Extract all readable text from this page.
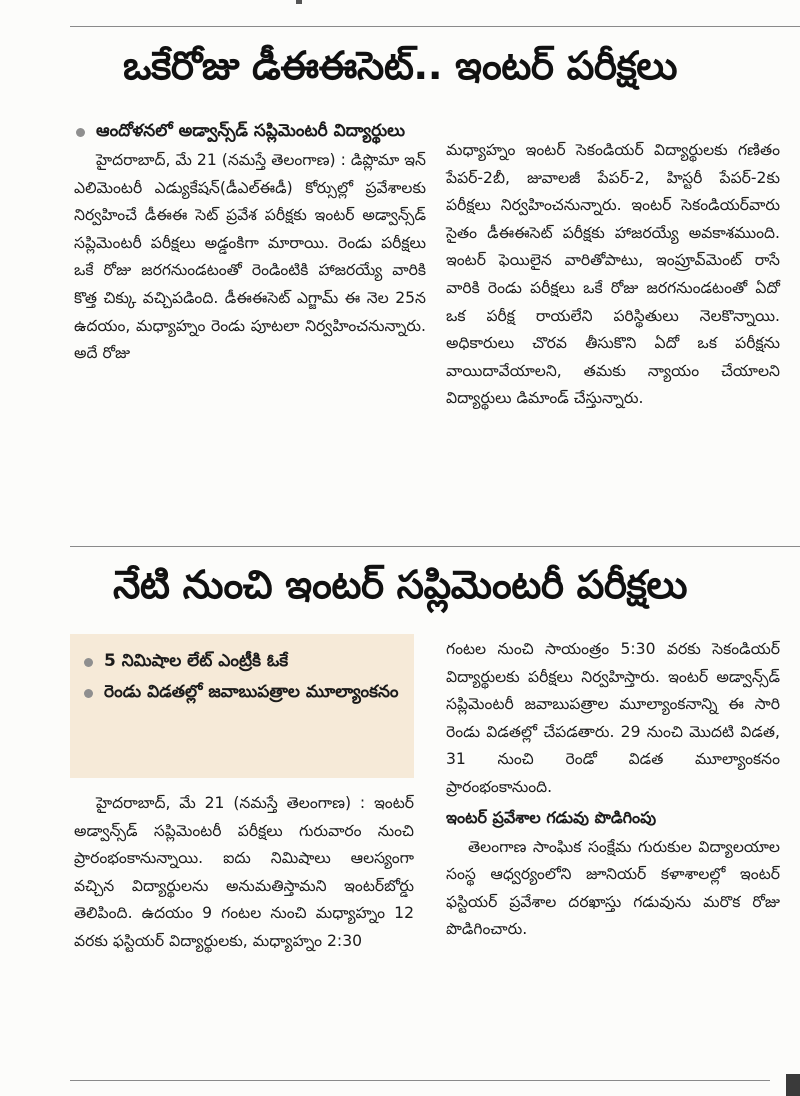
ఒకేరోజు డీఈఈసెట్.. ఇంటర్ పరీక్షలు
ఆందోళనలో అడ్వాన్స్‌డ్ సప్లిమెంటరీ విద్యార్థులు

హైదరాబాద్, మే 21 (నమస్తే తెలంగాణ) : డిప్లొమా ఇన్ ఎలిమెంటరీ ఎడ్యుకేషన్(డీఎల్‌ఈడీ) కోర్సుల్లో ప్రవేశాలకు నిర్వహించే డీఈఈ సెట్ ప్రవేశ పరీక్షకు ఇంటర్ అడ్వాన్స్‌డ్ సప్లిమెంటరీ పరీక్షలు అడ్డంకిగా మారాయి. రెండు పరీక్షలు ఒకే రోజు జరగనుండటంతో రెండింటికి హాజరయ్యే వారికి కొత్త చిక్కు వచ్చిపడింది. డీఈఈసెట్ ఎగ్జామ్ ఈ నెల 25న ఉదయం, మధ్యాహ్నం రెండు పూటలా నిర్వహించనున్నారు. అదే రోజు

మధ్యాహ్నం ఇంటర్ సెకండియర్ విద్యార్థులకు గణితం పేపర్-2బీ, జువాలజీ పేపర్-2, హిస్టరీ పేపర్-2కు పరీక్షలు నిర్వహించనున్నారు. ఇంటర్ సెకండియర్‌వారు సైతం డీఈఈసెట్ పరీక్షకు హాజరయ్యే అవకాశముంది. ఇంటర్ ఫెయిలైన వారితోపాటు, ఇంప్రూవ్‌మెంట్ రాసే వారికి రెండు పరీక్షలు ఒకే రోజు జరగనుండటంతో ఏదో ఒక పరీక్ష రాయలేని పరిస్థితులు నెలకొన్నాయి. అధికారులు చొరవ తీసుకొని ఏదో ఒక పరీక్షను వాయిదావేయాలని, తమకు న్యాయం చేయాలని విద్యార్థులు డిమాండ్ చేస్తున్నారు.

నేటి నుంచి ఇంటర్ సప్లిమెంటరీ పరీక్షలు
5 నిమిషాల లేట్ ఎంట్రీకి ఓకే
రెండు విడతల్లో జవాబుపత్రాల మూల్యాంకనం

హైదరాబాద్, మే 21 (నమస్తే తెలంగాణ) : ఇంటర్ అడ్వాన్స్‌డ్ సప్లిమెంటరీ పరీక్షలు గురువారం నుంచి ప్రారంభంకానున్నాయి. ఐదు నిమిషాలు ఆలస్యంగా వచ్చిన విద్యార్థులను అనుమతిస్తామని ఇంటర్‌బోర్డు తెలిపింది. ఉదయం 9 గంటల నుంచి మధ్యాహ్నం 12 వరకు ఫస్టియర్ విద్యార్థులకు, మధ్యాహ్నం 2:30

గంటల నుంచి సాయంత్రం 5:30 వరకు సెకండియర్ విద్యార్థులకు పరీక్షలు నిర్వహిస్తారు. ఇంటర్ అడ్వాన్స్‌డ్ సప్లిమెంటరీ జవాబుపత్రాల మూల్యాంకనాన్ని ఈ సారి రెండు విడతల్లో చేపడతారు. 29 నుంచి మొదటి విడత, 31 నుంచి రెండో విడత మూల్యాంకనం ప్రారంభంకానుంది.

ఇంటర్ ప్రవేశాల గడువు పొడిగింపు

తెలంగాణ సాంఘిక సంక్షేమ గురుకుల విద్యాలయాల సంస్థ ఆధ్వర్యంలోని జూనియర్ కళాశాలల్లో ఇంటర్ ఫస్టియర్ ప్రవేశాల దరఖాస్తు గడువును మరొక రోజు పొడిగించారు.
